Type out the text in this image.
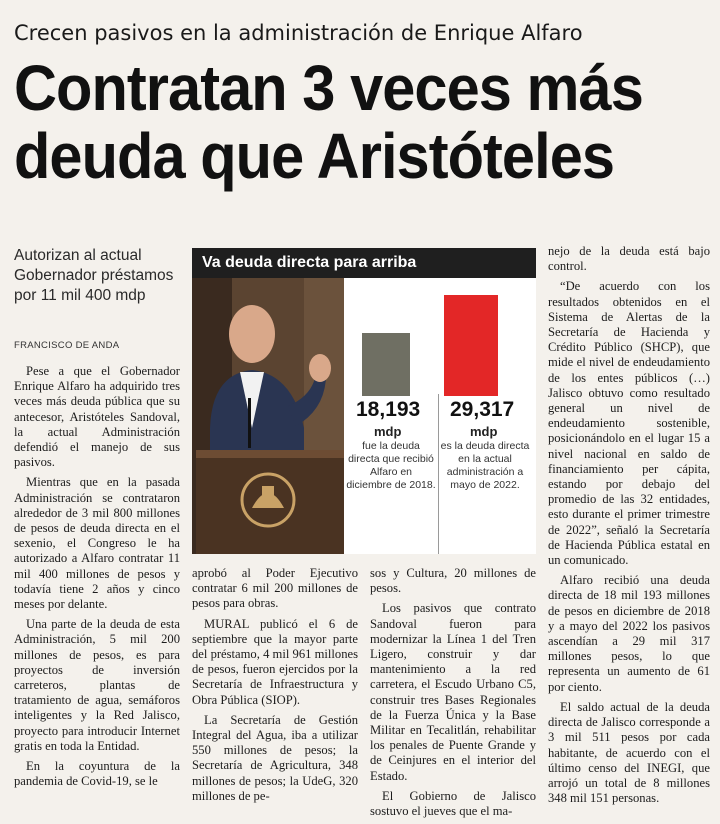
Crecen pasivos en la administración de Enrique Alfaro
Contratan 3 veces más
deuda que Aristóteles
Autorizan al actual Gobernador préstamos por 11 mil 400 mdp
FRANCISCO DE ANDA

Pese a que el Gobernador Enrique Alfaro ha adquirido tres veces más deuda pública que su antecesor, Aristóteles Sandoval, la actual Administración defendió el manejo de sus pasivos.

Mientras que en la pasada Administración se contrataron alrededor de 3 mil 800 millones de pesos de deuda directa en el sexenio, el Congreso le ha autorizado a Alfaro contratar 11 mil 400 millones de pesos y todavía tiene 2 años y cinco meses por delante.

Una parte de la deuda de esta Administración, 5 mil 200 millones de pesos, es para proyectos de inversión carreteros, plantas de tratamiento de agua, semáforos inteligentes y la Red Jalisco, proyecto para introducir Internet gratis en toda la Entidad.

En la coyuntura de la pandemia de Covid-19, se le

Va deuda directa para arriba
18,193
mdp
fue la deuda directa que recibió Alfaro en diciembre de 2018.
29,317
mdp
es la deuda directa en la actual administración a mayo de 2022.

aprobó al Poder Ejecutivo contratar 6 mil 200 millones de pesos para obras.

MURAL publicó el 6 de septiembre que la mayor parte del préstamo, 4 mil 961 millones de pesos, fueron ejercidos por la Secretaría de Infraestructura y Obra Pública (SIOP).

La Secretaría de Gestión Integral del Agua, iba a utilizar 550 millones de pesos; la Secretaría de Agricultura, 348 millones de pesos; la UdeG, 320 millones de pe-

sos y Cultura, 20 millones de pesos.

Los pasivos que contrato Sandoval fueron para modernizar la Línea 1 del Tren Ligero, construir y dar mantenimiento a la red carretera, el Escudo Urbano C5, construir tres Bases Regionales de la Fuerza Única y la Base Militar en Tecalitlán, rehabilitar los penales de Puente Grande y de Ceinjures en el interior del Estado.

El Gobierno de Jalisco sostuvo el jueves que el ma-

nejo de la deuda está bajo control.

“De acuerdo con los resultados obtenidos en el Sistema de Alertas de la Secretaría de Hacienda y Crédito Público (SHCP), que mide el nivel de endeudamiento de los entes públicos (…) Jalisco obtuvo como resultado general un nivel de endeudamiento sostenible, posicionándolo en el lugar 15 a nivel nacional en saldo de financiamiento per cápita, estando por debajo del promedio de las 32 entidades, esto durante el primer trimestre de 2022”, señaló la Secretaría de Hacienda Pública estatal en un comunicado.

Alfaro recibió una deuda directa de 18 mil 193 millones de pesos en diciembre de 2018 y a mayo del 2022 los pasivos ascendían a 29 mil 317 millones pesos, lo que representa un aumento de 61 por ciento.

El saldo actual de la deuda directa de Jalisco corresponde a 3 mil 511 pesos por cada habitante, de acuerdo con el último censo del INEGI, que arrojó un total de 8 millones 348 mil 151 personas.
